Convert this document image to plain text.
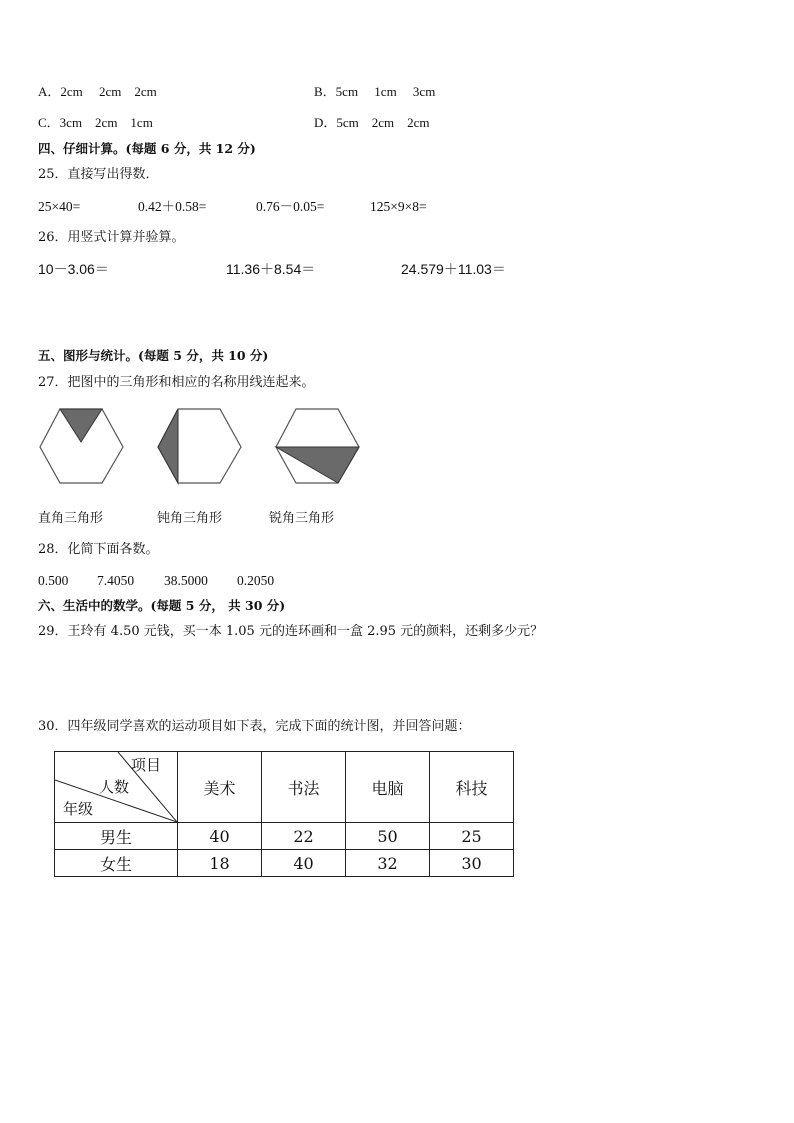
A．2cm　 2cm　2cm	B．5cm　 1cm　 3cm
C．3cm　2cm　1cm	D．5cm　2cm　2cm
四、仔细计算。(每题 6 分，共 12 分)
25．直接写出得数．
25×40=	0.42＋0.58=	0.76－0.05=	125×9×8=
26．用竖式计算并验算。
10－3.06＝	11.36＋8.54＝	24.579＋11.03＝
五、图形与统计。(每题 5 分，共 10 分)
27．把图中的三角形和相应的名称用线连起来。
直角三角形	钝角三角形	锐角三角形
28．化简下面各数。
0.500 7.4050 38.5000 0.2050
六、生活中的数学。(每题 5 分， 共 30 分)
29．王玲有 4.50 元钱，买一本 1.05 元的连环画和一盒 2.95 元的颜料，还剩多少元？
30．四年级同学喜欢的运动项目如下表，完成下面的统计图，并回答问题：
项目
人数
年级	美术	书法	电脑	科技
男生	40	22	50	25
女生	18	40	32	30
